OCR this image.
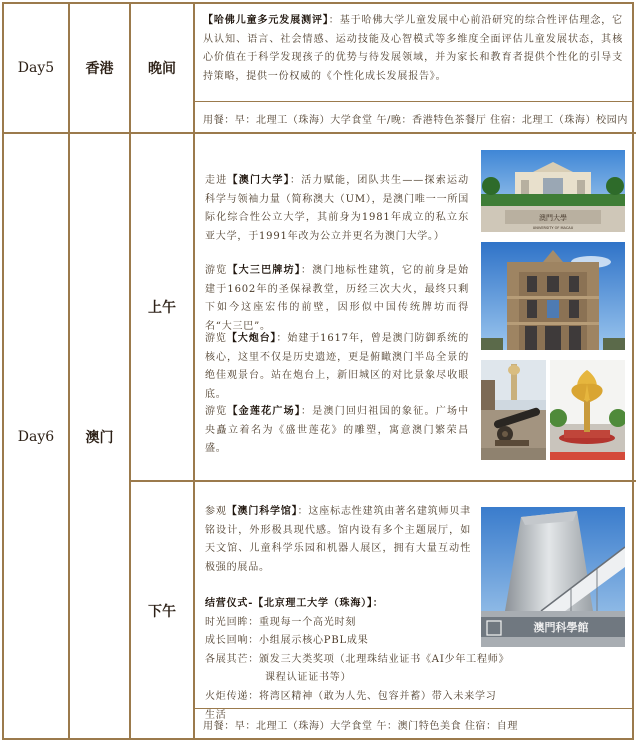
Day5 香港 晚间
【哈佛儿童多元发展测评】：基于哈佛大学儿童发展中心前沿研究的综合性评估理念，它从认知、语言、社会情感、运动技能及心智模式等多维度全面评估儿童发展状态，其核心价值在于科学发现孩子的优势与待发展领域，并为家长和教育者提供个性化的引导支持策略，提供一份权威的《个性化成长发展报告》。
用餐：早：北理工（珠海）大学食堂 午/晚：香港特色茶餐厅 住宿：北理工（珠海）校园内
Day6 澳门
上午
下午
走进【澳门大学】：活力赋能，团队共生——探索运动科学与领袖力量（简称澳大（UM），是澳门唯一一所国际化综合性公立大学，其前身为1981年成立的私立东亚大学，于1991年改为公立并更名为澳门大学。）
游览【大三巴牌坊】：澳门地标性建筑，它的前身是始建于1602年的圣保禄教堂，历经三次大火，最终只剩下如今这座宏伟的前壁，因形似中国传统牌坊而得名“大三巴”。
游览【大炮台】：始建于1617年，曾是澳门防御系统的核心，这里不仅是历史遗迹，更是俯瞰澳门半岛全景的绝佳观景台。站在炮台上，新旧城区的对比景象尽收眼底。
游览【金莲花广场】：是澳门回归祖国的象征。广场中央矗立着名为《盛世莲花》的雕塑，寓意澳门繁荣昌盛。
澳門大學
UNIVERSITY OF MACAU
参观【澳门科学馆】：这座标志性建筑由著名建筑师贝聿铭设计，外形极具现代感。馆内设有多个主题展厅，如天文馆、儿童科学乐园和机器人展区，拥有大量互动性极强的展品。
结营仪式-【北京理工大学（珠海）】：
时光回眸：重现每一个高光时刻
成长回响：小组展示核心PBL成果
各展其芒：颁发三大类奖项（北理珠结业证书《AI少年工程师》课程认证证书等）
火炬传递：将湾区精神（敢为人先、包容并蓄）带入未来学习生活
澳門科學館
用餐：早：北理工（珠海）大学食堂 午：澳门特色美食 住宿：自理
